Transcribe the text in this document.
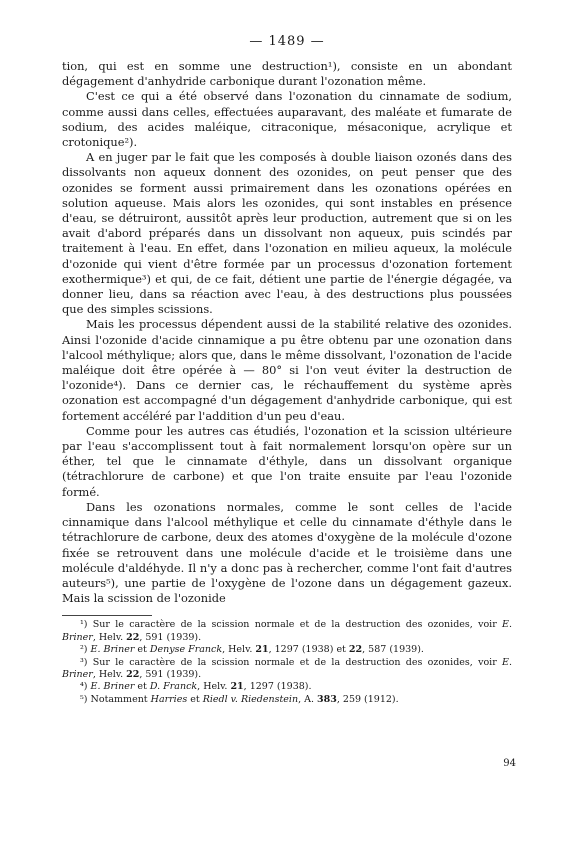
— 1489 —

tion, qui est en somme une destruction¹), consiste en un abondant dégagement d'anhydride carbonique durant l'ozonation même.

C'est ce qui a été observé dans l'ozonation du cinnamate de sodium, comme aussi dans celles, effectuées auparavant, des maléate et fumarate de sodium, des acides maléique, citraconique, mésaconique, acrylique et crotonique²).

A en juger par le fait que les composés à double liaison ozonés dans des dissolvants non aqueux donnent des ozonides, on peut penser que des ozonides se forment aussi primairement dans les ozonations opérées en solution aqueuse. Mais alors les ozonides, qui sont instables en présence d'eau, se détruiront, aussitôt après leur production, autrement que si on les avait d'abord préparés dans un dissolvant non aqueux, puis scindés par traitement à l'eau. En effet, dans l'ozonation en milieu aqueux, la molécule d'ozonide qui vient d'être formée par un processus d'ozonation fortement exothermique³) et qui, de ce fait, détient une partie de l'énergie dégagée, va donner lieu, dans sa réaction avec l'eau, à des destructions plus poussées que des simples scissions.

Mais les processus dépendent aussi de la stabilité relative des ozonides. Ainsi l'ozonide d'acide cinnamique a pu être obtenu par une ozonation dans l'alcool méthylique; alors que, dans le même dissolvant, l'ozonation de l'acide maléique doit être opérée à — 80° si l'on veut éviter la destruction de l'ozonide⁴). Dans ce dernier cas, le réchauffement du système après ozonation est accompagné d'un dégagement d'anhydride carbonique, qui est fortement accéléré par l'addition d'un peu d'eau.

Comme pour les autres cas étudiés, l'ozonation et la scission ultérieure par l'eau s'accomplissent tout à fait normalement lorsqu'on opère sur un éther, tel que le cinnamate d'éthyle, dans un dissolvant organique (tétrachlorure de carbone) et que l'on traite ensuite par l'eau l'ozonide formé.

Dans les ozonations normales, comme le sont celles de l'acide cinnamique dans l'alcool méthylique et celle du cinnamate d'éthyle dans le tétrachlorure de carbone, deux des atomes d'oxygène de la molécule d'ozone fixée se retrouvent dans une molécule d'acide et le troisième dans une molécule d'aldéhyde. Il n'y a donc pas à rechercher, comme l'ont fait d'autres auteurs⁵), une partie de l'oxygène de l'ozone dans un dégagement gazeux. Mais la scission de l'ozonide

¹) Sur le caractère de la scission normale et de la destruction des ozonides, voir E. Briner, Helv. 22, 591 (1939).
²) E. Briner et Denyse Franck, Helv. 21, 1297 (1938) et 22, 587 (1939).
³) Sur le caractère de la scission normale et de la destruction des ozonides, voir E. Briner, Helv. 22, 591 (1939).
⁴) E. Briner et D. Franck, Helv. 21, 1297 (1938).
⁵) Notamment Harries et Riedl v. Riedenstein, A. 383, 259 (1912).
94
